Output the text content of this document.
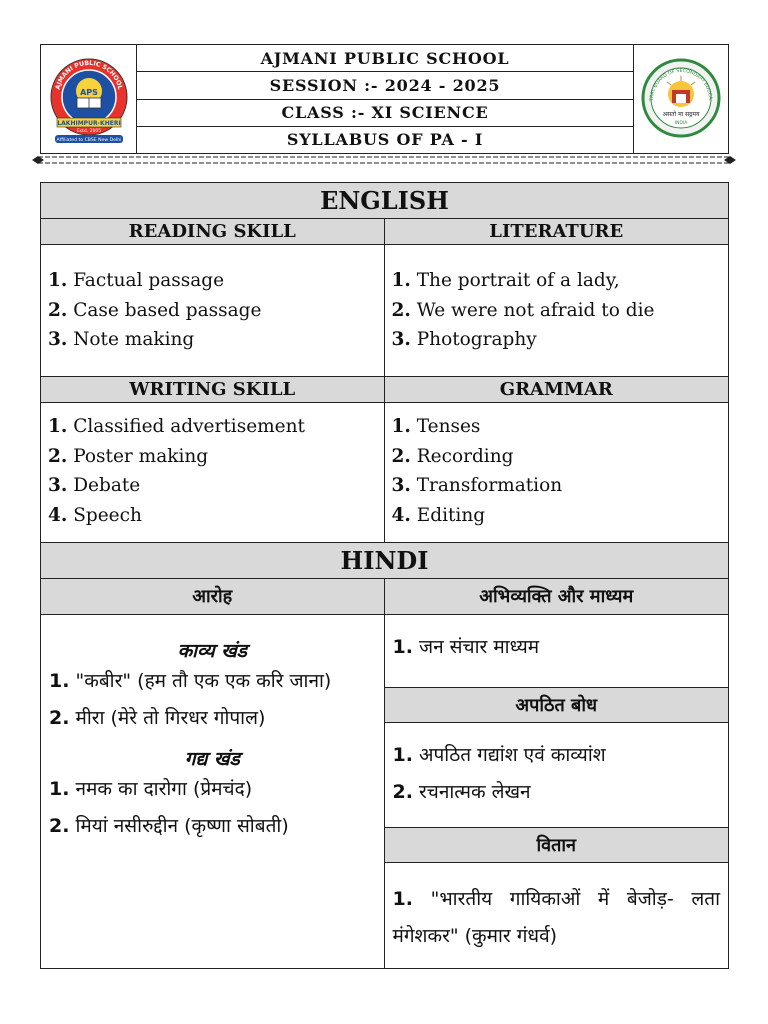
APS
AJMANI PUBLIC SCHOOL
LAKHIMPUR-KHERI
Estd. 2005
Affiliated to CBSE New Delhi
AJMANI PUBLIC SCHOOL
SESSION :- 2024 - 2025
CLASS :- XI SCIENCE
SYLLABUS OF PA - I
TRAL BOARD OF SECONDARY EDUCA
असतो मा सद्गमय
INDIA
ENGLISH
READING SKILL
1. Factual passage
2. Case based passage
3. Note making
LITERATURE
1. The portrait of a lady,
2. We were not afraid to die
3. Photography
WRITING SKILL
1. Classified advertisement
2. Poster making
3. Debate
4. Speech
GRAMMAR
1. Tenses
2. Recording
3. Transformation
4. Editing
HINDI
आरोह
काव्य खंड
1. "कबीर" (हम तौ एक एक करि जाना)
2. मीरा (मेरे तो गिरधर गोपाल)
गद्य खंड
1. नमक का दारोगा (प्रेमचंद)
2. मियां नसीरुद्दीन (कृष्णा सोबती)
अभिव्यक्ति और माध्यम
1. जन संचार माध्यम
अपठित बोध
1. अपठित गद्यांश एवं काव्यांश
2. रचनात्मक लेखन
वितान
1. "भारतीय गायिकाओं में बेजोड़- लता मंगेशकर" (कुमार गंधर्व)
